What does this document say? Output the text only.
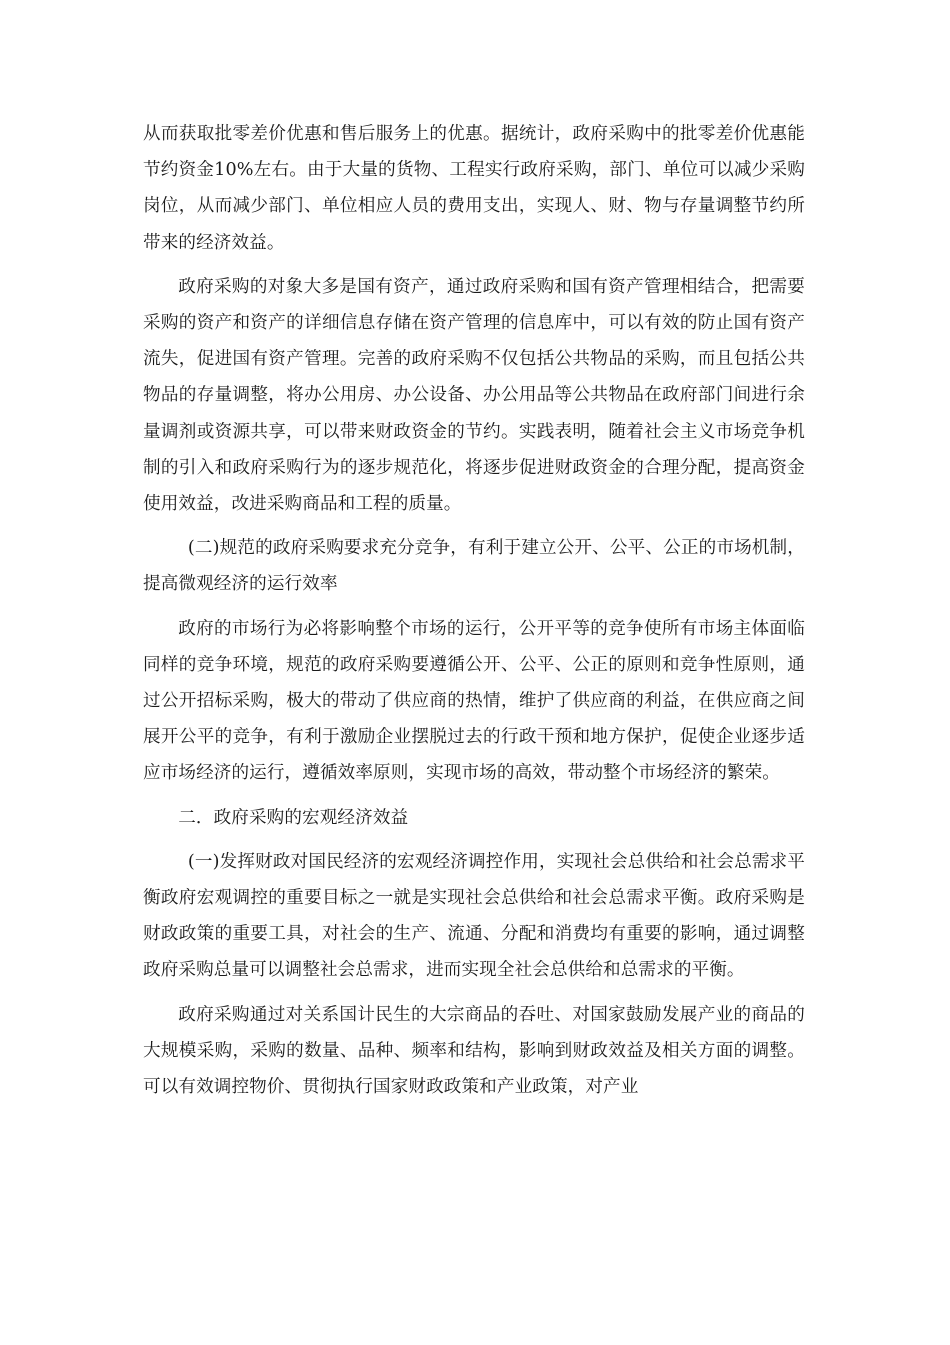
从而获取批零差价优惠和售后服务上的优惠。据统计，政府采购中的批零差价优惠能节约资金10%左右。由于大量的货物、工程实行政府采购，部门、单位可以减少采购岗位，从而减少部门、单位相应人员的费用支出，实现人、财、物与存量调整节约所带来的经济效益。

政府采购的对象大多是国有资产，通过政府采购和国有资产管理相结合，把需要采购的资产和资产的详细信息存储在资产管理的信息库中，可以有效的防止国有资产流失，促进国有资产管理。完善的政府采购不仅包括公共物品的采购，而且包括公共物品的存量调整，将办公用房、办公设备、办公用品等公共物品在政府部门间进行余量调剂或资源共享，可以带来财政资金的节约。实践表明，随着社会主义市场竞争机制的引入和政府采购行为的逐步规范化，将逐步促进财政资金的合理分配，提高资金使用效益，改进采购商品和工程的质量。

(二)规范的政府采购要求充分竞争，有利于建立公开、公平、公正的市场机制，提高微观经济的运行效率

政府的市场行为必将影响整个市场的运行，公开平等的竞争使所有市场主体面临同样的竞争环境，规范的政府采购要遵循公开、公平、公正的原则和竞争性原则，通过公开招标采购，极大的带动了供应商的热情，维护了供应商的利益，在供应商之间展开公平的竞争，有利于激励企业摆脱过去的行政干预和地方保护，促使企业逐步适应市场经济的运行，遵循效率原则，实现市场的高效，带动整个市场经济的繁荣。

二．政府采购的宏观经济效益

(一)发挥财政对国民经济的宏观经济调控作用，实现社会总供给和社会总需求平衡政府宏观调控的重要目标之一就是实现社会总供给和社会总需求平衡。政府采购是财政政策的重要工具，对社会的生产、流通、分配和消费均有重要的影响，通过调整政府采购总量可以调整社会总需求，进而实现全社会总供给和总需求的平衡。

政府采购通过对关系国计民生的大宗商品的吞吐、对国家鼓励发展产业的商品的大规模采购，采购的数量、品种、频率和结构，影响到财政效益及相关方面的调整。可以有效调控物价、贯彻执行国家财政政策和产业政策，对产业
